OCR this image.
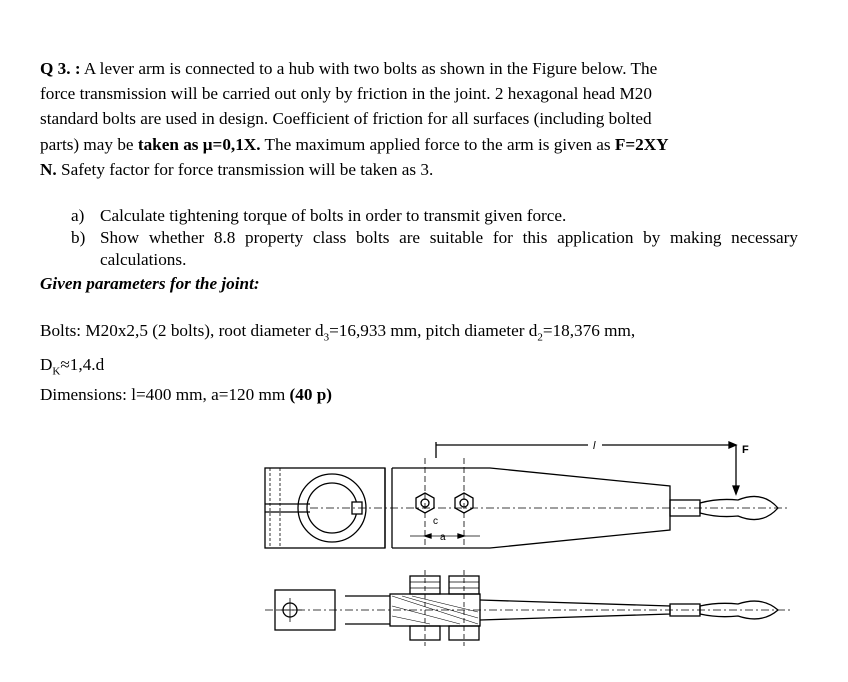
Q 3. : A lever arm is connected to a hub with two bolts as shown in the Figure below. The
force transmission will be carried out only by friction in the joint. 2 hexagonal head M20
standard bolts are used in design. Coefficient of friction for all surfaces (including bolted
parts) may be taken as μ=0,1X. The maximum applied force to the arm is given as F=2XY
N. Safety factor for force transmission will be taken as 3.

a) Calculate tightening torque of bolts in order to transmit given force.
b) Show whether 8.8 property class bolts are suitable for this application by making necessary calculations.

Given parameters for the joint:

Bolts: M20x2,5 (2 bolts), root diameter $d_3=16,933$ mm, pitch diameter $d_2=18,376$ mm,
$D_K\approx 1,4.d$

Dimensions: l=400 mm, a=120 mm (40 p)

l	F
c
a
